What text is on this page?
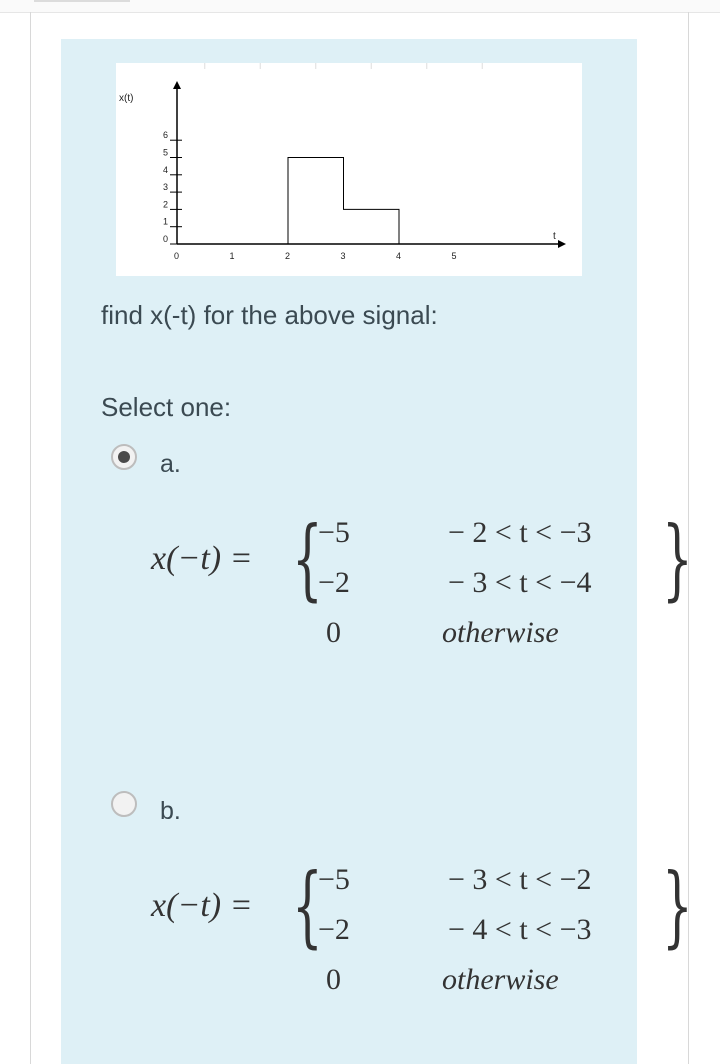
x(t)
t
0
1
2
3
4
5
6
0	1	2	3	4	5
find x(-t) for the above signal:
Select one:
a.
x(−t) = {
−5
−2
0
− 2 < t < −3
− 3 < t < −4
otherwise
}
b.
x(−t) = {
−5
−2
0
− 3 < t < −2
− 4 < t < −3
otherwise
}
